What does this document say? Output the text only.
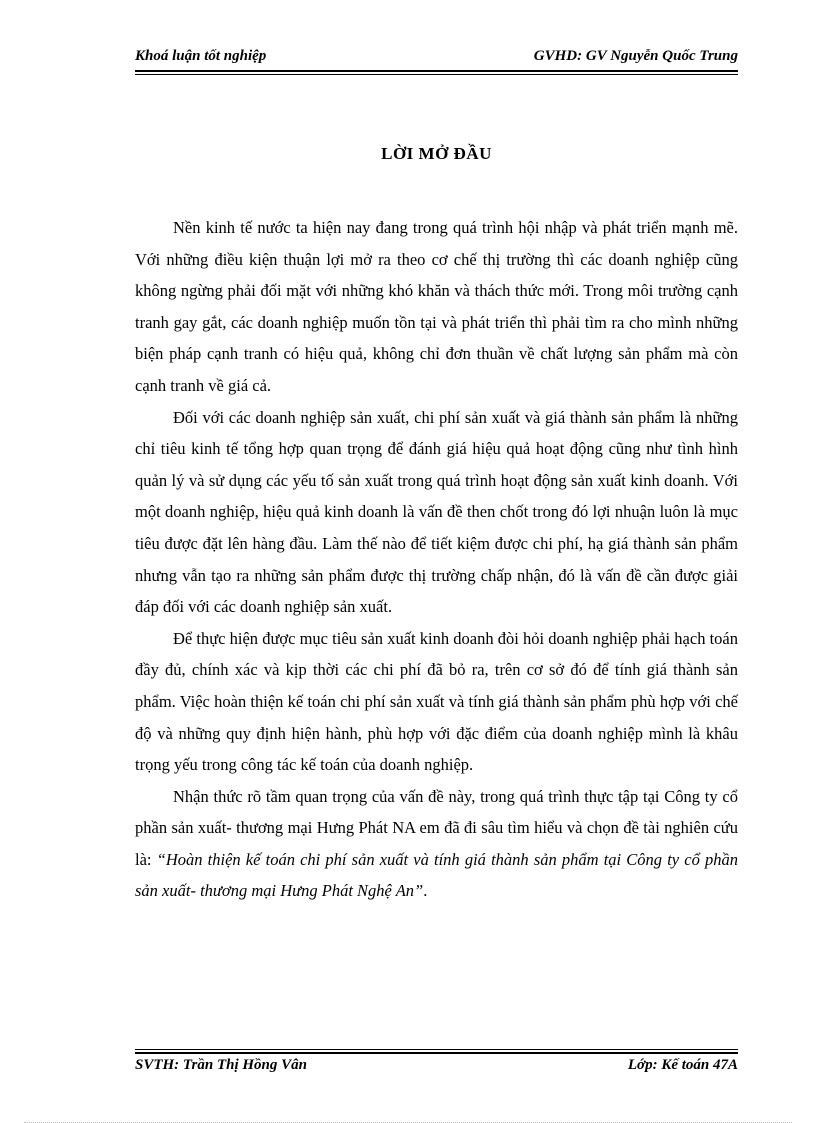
Khoá luận tốt nghiệp	GVHD: GV Nguyễn Quốc Trung
LỜI MỞ ĐẦU

Nền kinh tế nước ta hiện nay đang trong quá trình hội nhập và phát triển mạnh mẽ. Với những điều kiện thuận lợi mở ra theo cơ chế thị trường thì các doanh nghiệp cũng không ngừng phải đối mặt với những khó khăn và thách thức mới. Trong môi trường cạnh tranh gay gắt, các doanh nghiệp muốn tồn tại và phát triển thì phải tìm ra cho mình những biện pháp cạnh tranh có hiệu quả, không chỉ đơn thuần về chất lượng sản phẩm mà còn cạnh tranh về giá cả.

Đối với các doanh nghiệp sản xuất, chi phí sản xuất và giá thành sản phẩm là những chỉ tiêu kinh tế tổng hợp quan trọng để đánh giá hiệu quả hoạt động cũng như tình hình quản lý và sử dụng các yếu tố sản xuất trong quá trình hoạt động sản xuất kinh doanh. Với một doanh nghiệp, hiệu quả kinh doanh là vấn đề then chốt trong đó lợi nhuận luôn là mục tiêu được đặt lên hàng đầu. Làm thế nào để tiết kiệm được chi phí, hạ giá thành sản phẩm nhưng vẫn tạo ra những sản phẩm được thị trường chấp nhận, đó là vấn đề cần được giải đáp đối với các doanh nghiệp sản xuất.

Để thực hiện được mục tiêu sản xuất kinh doanh đòi hỏi doanh nghiệp phải hạch toán đầy đủ, chính xác và kịp thời các chi phí đã bỏ ra, trên cơ sở đó để tính giá thành sản phẩm. Việc hoàn thiện kế toán chi phí sản xuất và tính giá thành sản phẩm phù hợp với chế độ và những quy định hiện hành, phù hợp với đặc điểm của doanh nghiệp mình là khâu trọng yếu trong công tác kế toán của doanh nghiệp.

Nhận thức rõ tầm quan trọng của vấn đề này, trong quá trình thực tập tại Công ty cổ phần sản xuất- thương mại Hưng Phát NA em đã đi sâu tìm hiểu và chọn đề tài nghiên cứu là: “Hoàn thiện kế toán chi phí sản xuất và tính giá thành sản phẩm tại Công ty cổ phần sản xuất- thương mại Hưng Phát Nghệ An”.

SVTH: Trần Thị Hồng Vân	Lớp: Kế toán 47A
